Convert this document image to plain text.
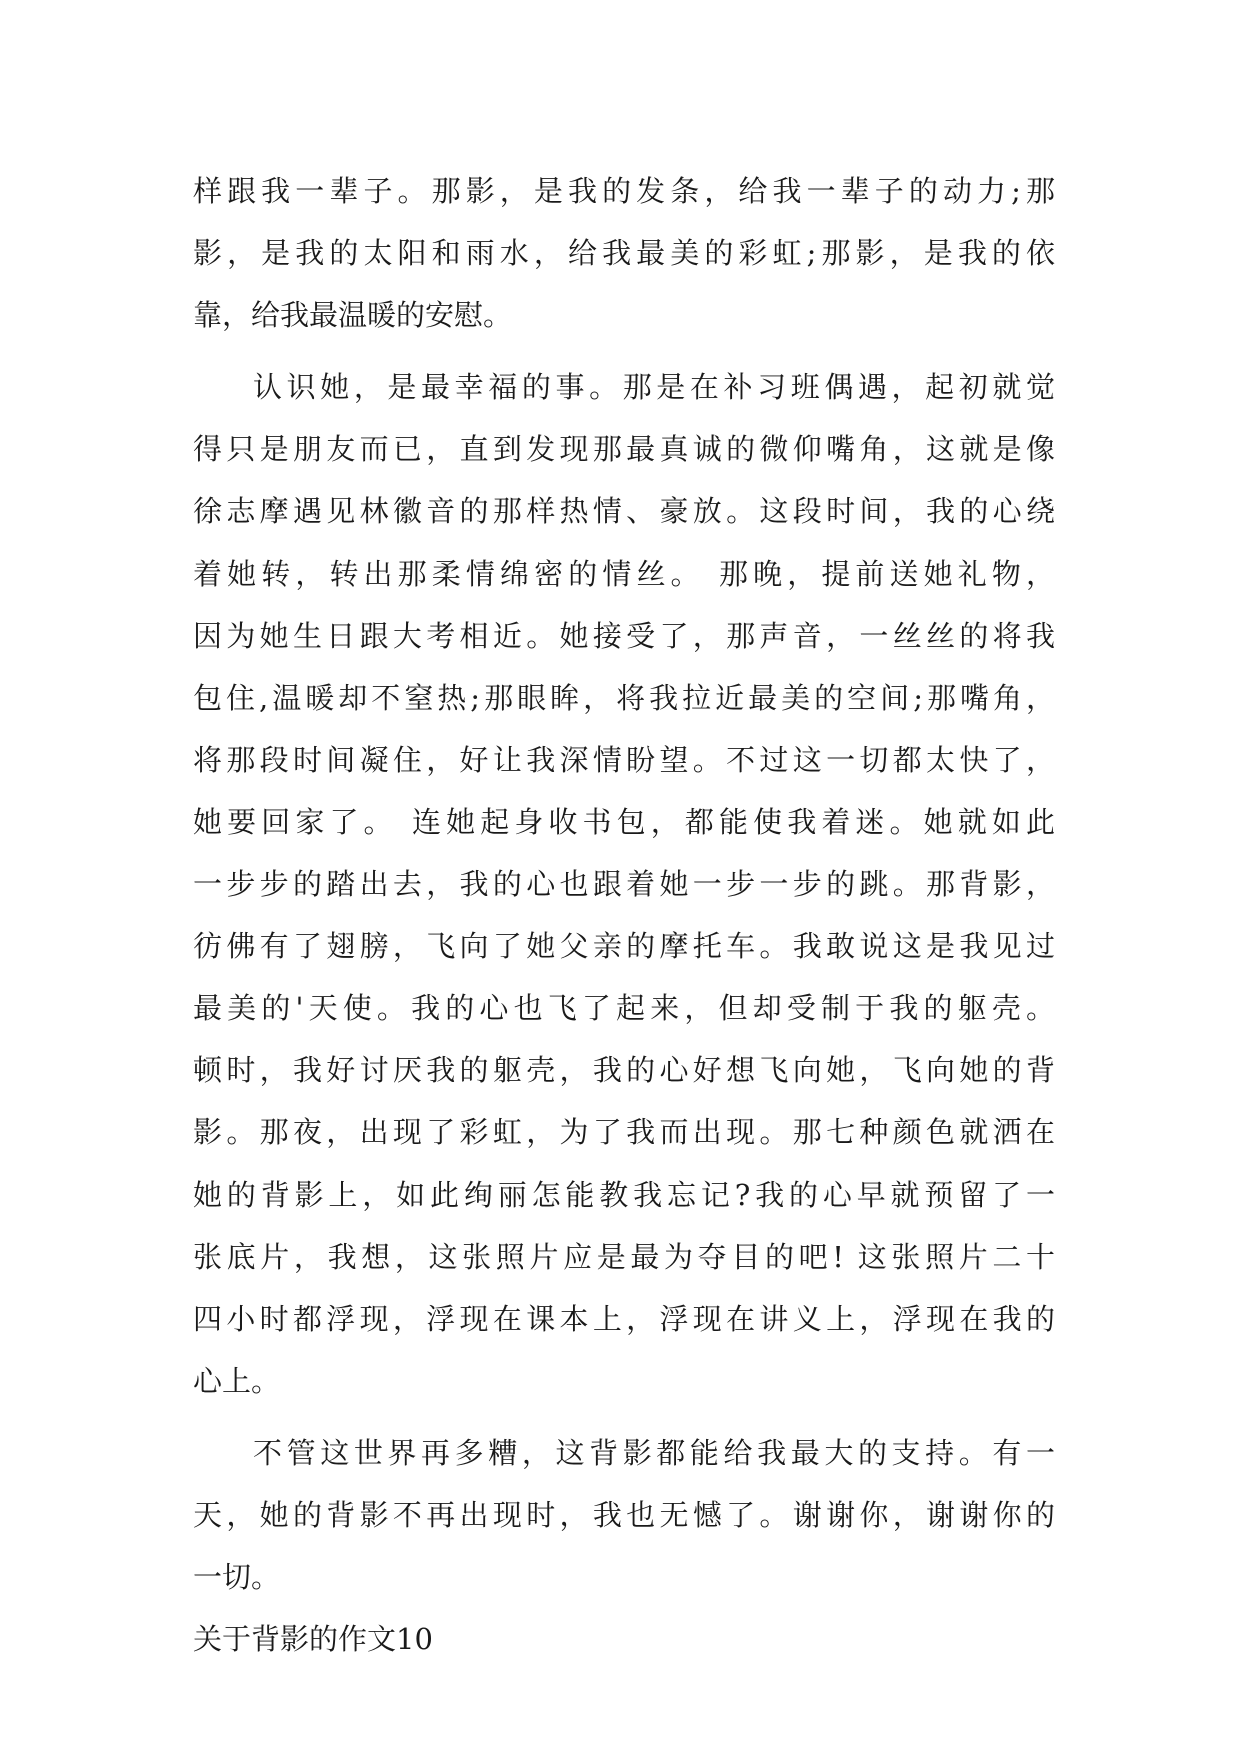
样跟我一辈子。那影，是我的发条，给我一辈子的动力;那
影，是我的太阳和雨水，给我最美的彩虹;那影，是我的依
靠，给我最温暖的安慰。
认识她，是最幸福的事。那是在补习班偶遇，起初就觉
得只是朋友而已，直到发现那最真诚的微仰嘴角，这就是像
徐志摩遇见林徽音的那样热情、豪放。这段时间，我的心绕
着她转，转出那柔情绵密的情丝。 那晚，提前送她礼物，
因为她生日跟大考相近。她接受了，那声音，一丝丝的将我
包住,温暖却不窒热;那眼眸，将我拉近最美的空间;那嘴角，
将那段时间凝住，好让我深情盼望。不过这一切都太快了，
她要回家了。 连她起身收书包，都能使我着迷。她就如此
一步步的踏出去，我的心也跟着她一步一步的跳。那背影，
彷佛有了翅膀，飞向了她父亲的摩托车。我敢说这是我见过
最美的'天使。我的心也飞了起来，但却受制于我的躯壳。
顿时，我好讨厌我的躯壳，我的心好想飞向她，飞向她的背
影。那夜，出现了彩虹，为了我而出现。那七种颜色就洒在
她的背影上，如此绚丽怎能教我忘记?我的心早就预留了一
张底片，我想，这张照片应是最为夺目的吧! 这张照片二十
四小时都浮现，浮现在课本上，浮现在讲义上，浮现在我的
心上。
不管这世界再多糟，这背影都能给我最大的支持。有一
天，她的背影不再出现时，我也无憾了。谢谢你，谢谢你的
一切。
关于背影的作文10
